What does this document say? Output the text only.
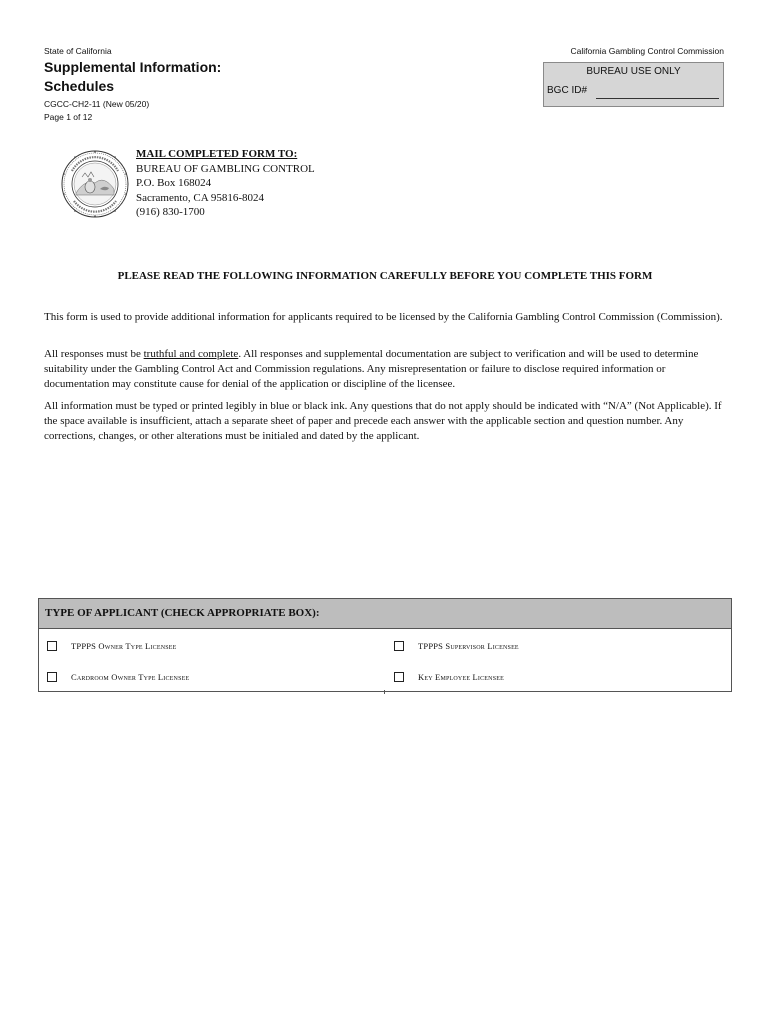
State of California	California Gambling Control Commission
Supplemental Information:
Schedules
CGCC-CH2-11 (New 05/20)
Page 1 of 12
BUREAU USE ONLY
BGC ID#
MAIL COMPLETED FORM TO:
BUREAU OF GAMBLING CONTROL
P.O. Box 168024
Sacramento, CA 95816-8024
(916) 830-1700
PLEASE READ THE FOLLOWING INFORMATION CAREFULLY BEFORE YOU COMPLETE THIS FORM
This form is used to provide additional information for applicants required to be licensed by the California Gambling Control Commission (Commission).
All responses must be truthful and complete. All responses and supplemental documentation are subject to verification and will be used to determine suitability under the Gambling Control Act and Commission regulations. Any misrepresentation or failure to disclose required information or documentation may constitute cause for denial of the application or discipline of the licensee.
All information must be typed or printed legibly in blue or black ink. Any questions that do not apply should be indicated with “N/A” (Not Applicable). If the space available is insufficient, attach a separate sheet of paper and precede each answer with the applicable section and question number. Any corrections, changes, or other alterations must be initialed and dated by the applicant.
TYPE OF APPLICANT (CHECK APPROPRIATE BOX):
TPPPS Owner Type Licensee	TPPPS Supervisor Licensee
Cardroom Owner Type Licensee	Key Employee Licensee
